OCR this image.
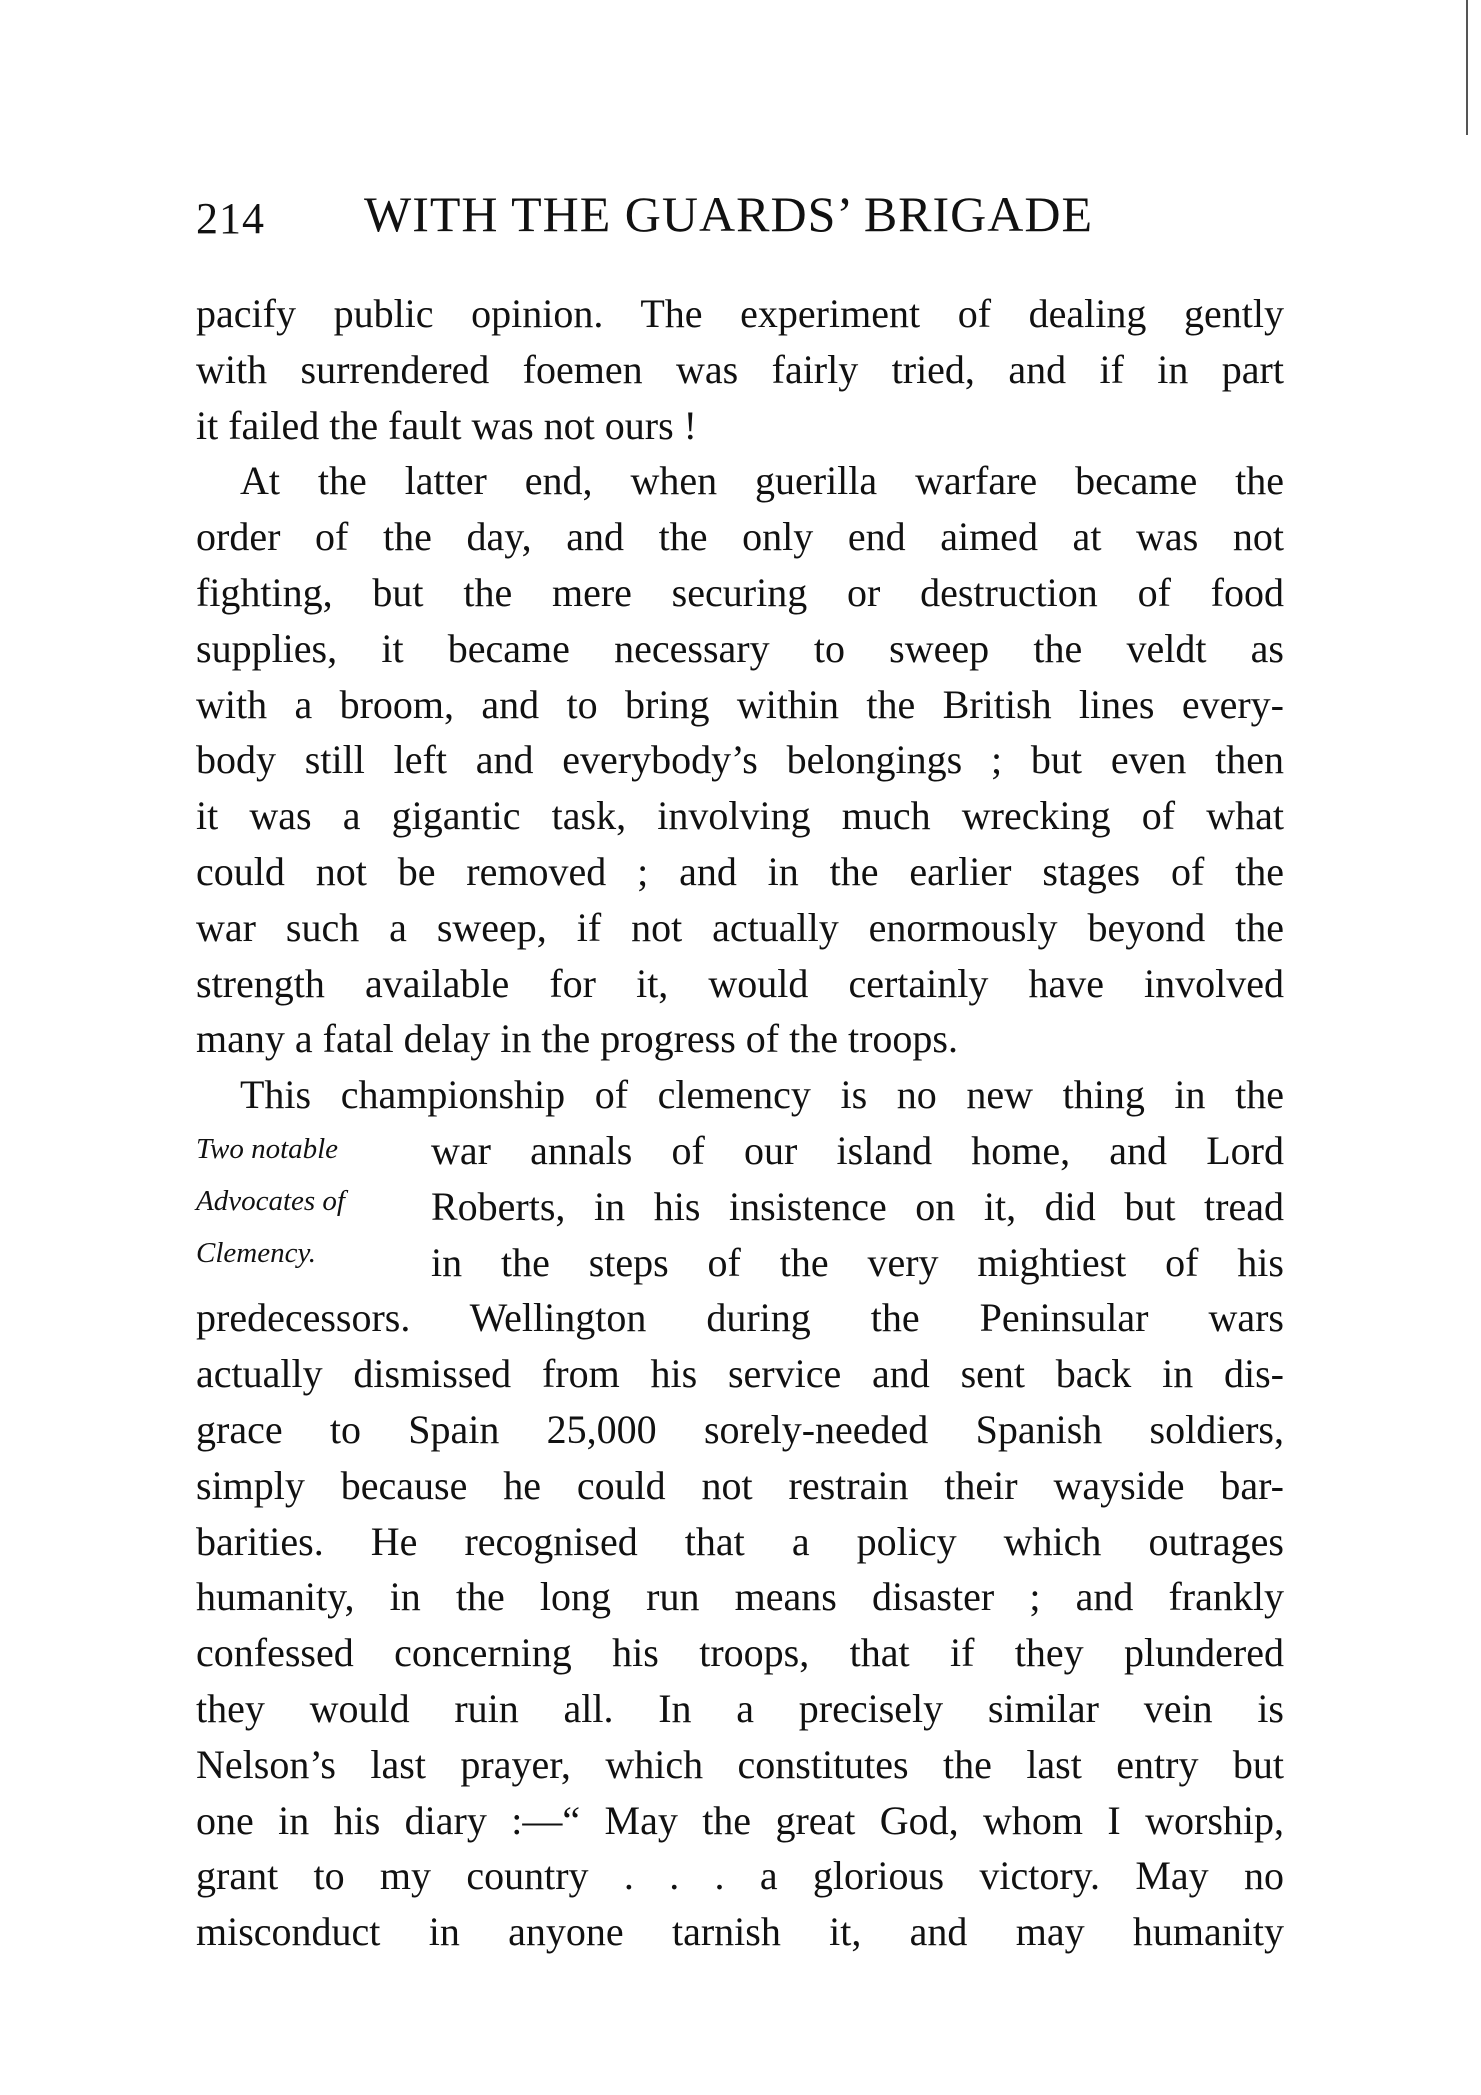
214 WITH THE GUARDS’ BRIGADE
Two notable
Advocates of
Clemency.
pacify public opinion. The experiment of dealing gently
with surrendered foemen was fairly tried, and if in part
it failed the fault was not ours !
At the latter end, when guerilla warfare became the
order of the day, and the only end aimed at was not
fighting, but the mere securing or destruction of food
supplies, it became necessary to sweep the veldt as
with a broom, and to bring within the British lines every-
body still left and everybody’s belongings ; but even then
it was a gigantic task, involving much wrecking of what
could not be removed ; and in the earlier stages of the
war such a sweep, if not actually enormously beyond the
strength available for it, would certainly have involved
many a fatal delay in the progress of the troops.
This championship of clemency is no new thing in the
war annals of our island home, and Lord
Roberts, in his insistence on it, did but tread
in the steps of the very mightiest of his
predecessors. Wellington during the Peninsular wars
actually dismissed from his service and sent back in dis-
grace to Spain 25,000 sorely-needed Spanish soldiers,
simply because he could not restrain their wayside bar-
barities. He recognised that a policy which outrages
humanity, in the long run means disaster ; and frankly
confessed concerning his troops, that if they plundered
they would ruin all. In a precisely similar vein is
Nelson’s last prayer, which constitutes the last entry but
one in his diary :—“ May the great God, whom I worship,
grant to my country . . . a glorious victory. May no
misconduct in anyone tarnish it, and may humanity
